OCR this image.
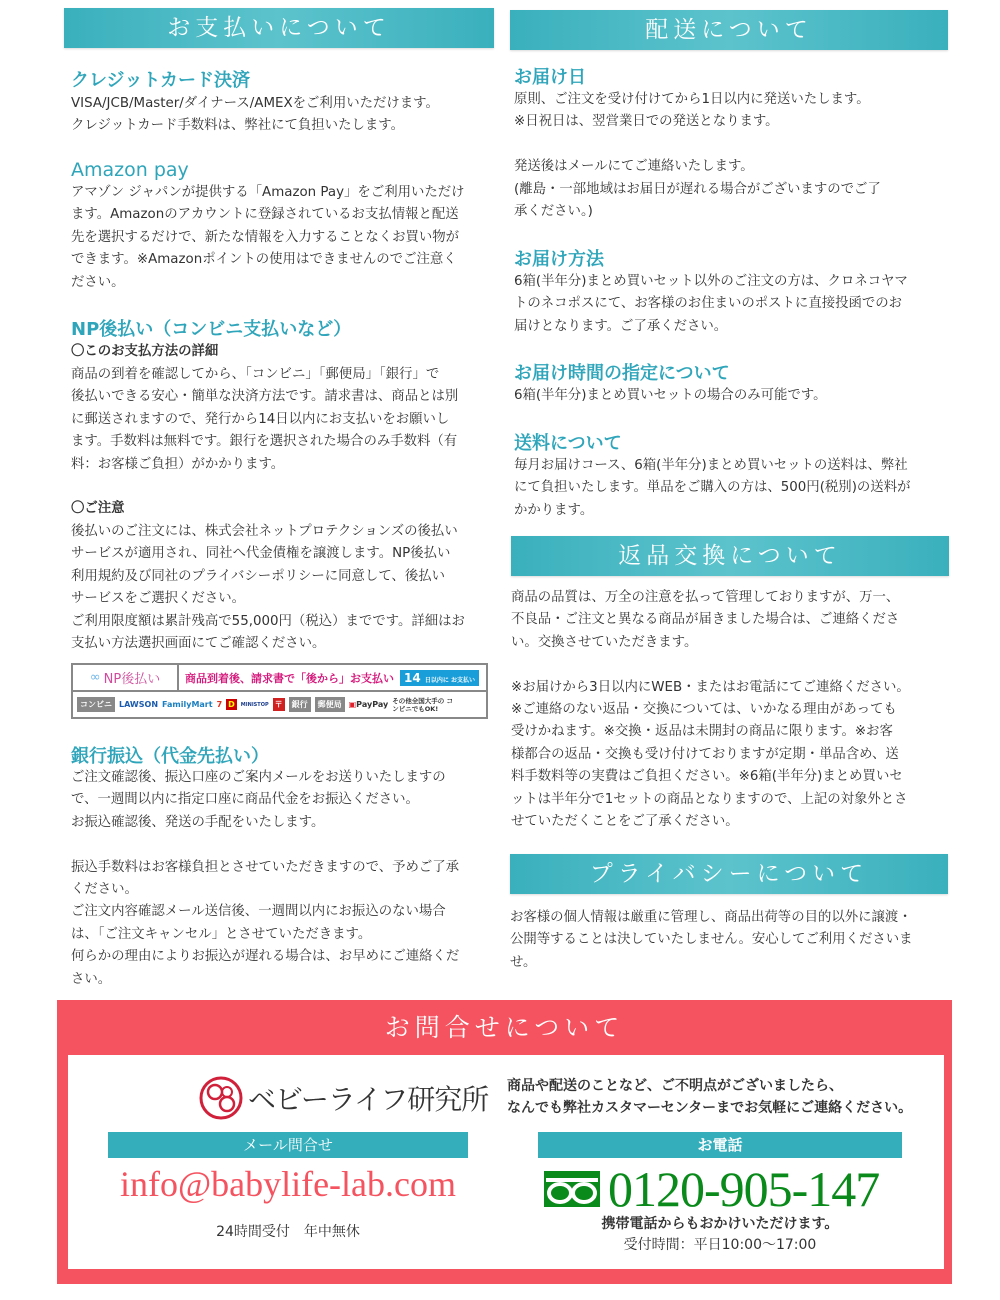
お支払いについて
クレジットカード決済
VISA/JCB/Master/ダイナース/AMEXをご利用いただけます。
クレジットカード手数料は、弊社にて負担いたします。
Amazon pay
アマゾン ジャパンが提供する「Amazon Pay」をご利用いただけ
ます。Amazonのアカウントに登録されているお支払情報と配送
先を選択するだけで、新たな情報を入力することなくお買い物が
できます。※Amazonポイントの使用はできませんのでご注意く
ださい。
NP後払い（コンビニ支払いなど）
〇このお支払方法の詳細
商品の到着を確認してから、「コンビニ」「郵便局」「銀行」で
後払いできる安心・簡単な決済方法です。請求書は、商品とは別
に郵送されますので、発行から14日以内にお支払いをお願いし
ます。手数料は無料です。銀行を選択された場合のみ手数料（有
料：お客様ご負担）がかかります。
〇ご注意
後払いのご注文には、株式会社ネットプロテクションズの後払い
サービスが適用され、同社へ代金債権を譲渡します。NP後払い
利用規約及び同社のプライバシーポリシーに同意して、後払い
サービスをご選択ください。
ご利用限度額は累計残高で55,000円（税込）までです。詳細はお
支払い方法選択画面にてご確認ください。
∞ NP後払い 商品到着後、請求書で「後から」お支払い 14 日以内に お支払い
コンビニ LAWSON FamilyMart 7 D	MINISTOP 〒	銀行	郵便局 ▣PayPay その他全国大手の コンビニでもOK!
銀行振込（代金先払い）
ご注文確認後、振込口座のご案内メールをお送りいたしますの
で、一週間以内に指定口座に商品代金をお振込ください。
お振込確認後、発送の手配をいたします。

振込手数料はお客様負担とさせていただきますので、予めご了承
ください。
ご注文内容確認メール送信後、一週間以内にお振込のない場合
は、「ご注文キャンセル」とさせていただきます。
何らかの理由によりお振込が遅れる場合は、お早めにご連絡くだ
さい。
配送について
お届け日
原則、ご注文を受け付けてから1日以内に発送いたします。
※日祝日は、翌営業日での発送となります。

発送後はメールにてご連絡いたします。
(離島・一部地域はお届日が遅れる場合がございますのでご了
承ください。)
お届け方法
6箱(半年分)まとめ買いセット以外のご注文の方は、クロネコヤマ
トのネコポスにて、お客様のお住まいのポストに直接投函でのお
届けとなります。ご了承ください。
お届け時間の指定について
6箱(半年分)まとめ買いセットの場合のみ可能です。
送料について
毎月お届けコース、6箱(半年分)まとめ買いセットの送料は、弊社
にて負担いたします。単品をご購入の方は、500円(税別)の送料が
かかります。
返品交換について
商品の品質は、万全の注意を払って管理しておりますが、万一、
不良品・ご注文と異なる商品が届きました場合は、ご連絡くださ
い。交換させていただきます。

※お届けから3日以内にWEB・またはお電話にてご連絡ください。
※ご連絡のない返品・交換については、いかなる理由があっても
受けかねます。※交換・返品は未開封の商品に限ります。※お客
様都合の返品・交換も受け付けておりますが定期・単品含め、送
料手数料等の実費はご負担ください。※6箱(半年分)まとめ買いセ
ットは半年分で1セットの商品となりますので、上記の対象外とさ
せていただくことをご了承ください。
プライバシーについて
お客様の個人情報は厳重に管理し、商品出荷等の目的以外に譲渡・
公開等することは決していたしません。安心してご利用くださいま
せ。
お問合せについて
ベビーライフ研究所 商品や配送のことなど、ご不明点がございましたら、
なんでも弊社カスタマーセンターまでお気軽にご連絡ください。
メール問合せ
info@babylife-lab.com
24時間受付　年中無休
お電話
0120-905-147
携帯電話からもおかけいただけます。
受付時間：平日10:00〜17:00
